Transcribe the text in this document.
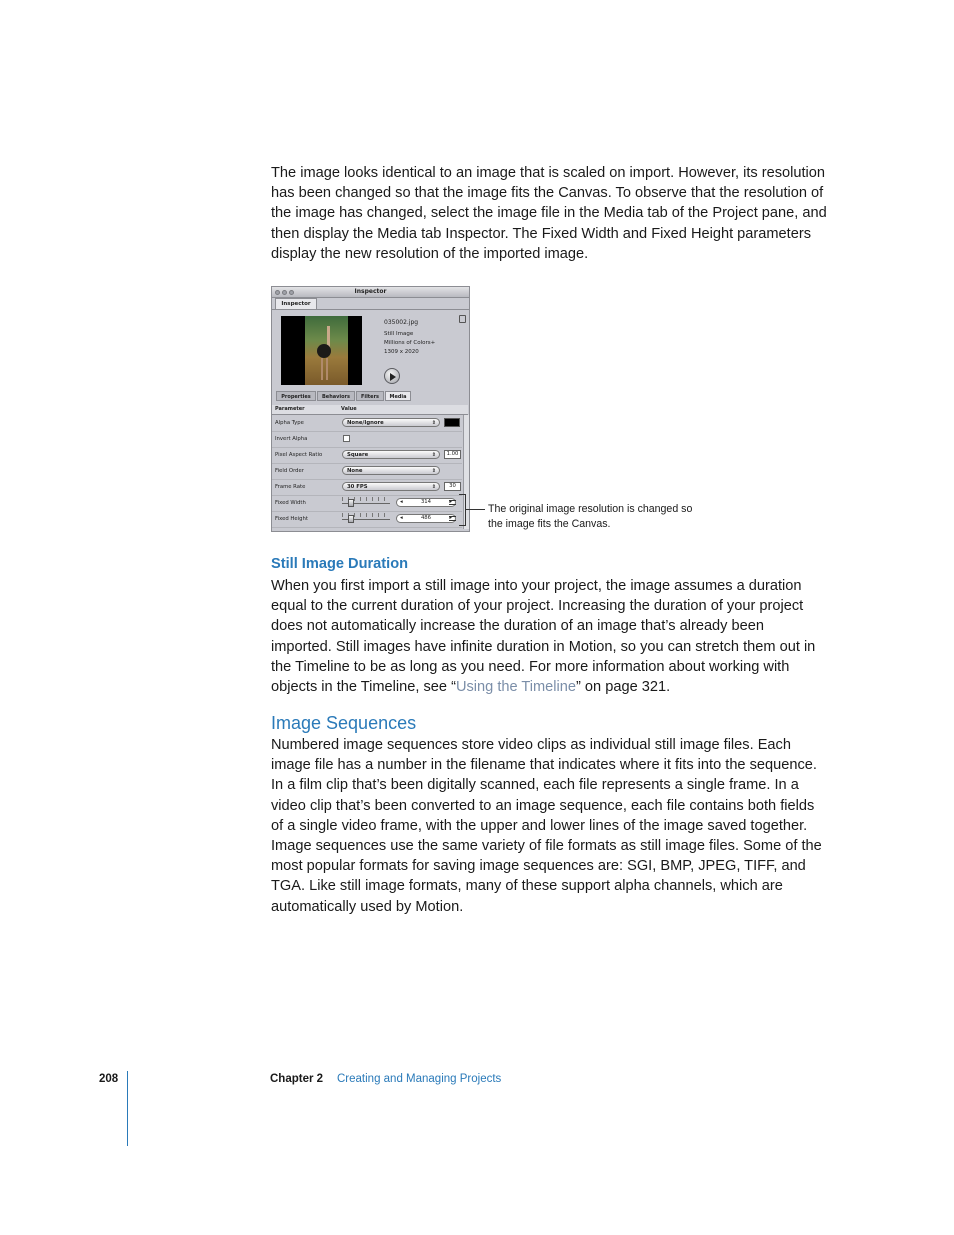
The image looks identical to an image that is scaled on import. However, its resolution has been changed so that the image fits the Canvas. To observe that the resolution of the image has changed, select the image file in the Media tab of the Project pane, and then display the Media tab Inspector. The Fixed Width and Fixed Height parameters display the new resolution of the imported image.

Inspector
Inspector
035002.jpg
Still Image
Millions of Colors+
1309 x 2020
Properties	Behaviors	Filters	Media
Parameter	Value
Alpha Type	None/Ignore	⇕
Invert Alpha
Pixel Aspect Ratio	Square	⇕	1.00
Field Order	None	⇕
Frame Rate	30 FPS	⇕	30
Fixed Width	◂	314	▸
Fixed Height	◂	486	▸

The original image resolution is changed so the image fits the Canvas.

Still Image Duration

When you first import a still image into your project, the image assumes a duration equal to the current duration of your project. Increasing the duration of your project does not automatically increase the duration of an image that’s already been imported. Still images have infinite duration in Motion, so you can stretch them out in the Timeline to be as long as you need. For more information about working with objects in the Timeline, see “Using the Timeline” on page 321.

Image Sequences

Numbered image sequences store video clips as individual still image files. Each image file has a number in the filename that indicates where it fits into the sequence. In a film clip that’s been digitally scanned, each file represents a single frame. In a video clip that’s been converted to an image sequence, each file contains both fields of a single video frame, with the upper and lower lines of the image saved together. Image sequences use the same variety of file formats as still image files. Some of the most popular formats for saving image sequences are: SGI, BMP, JPEG, TIFF, and TGA. Like still image formats, many of these support alpha channels, which are automatically used by Motion.

208	Chapter 2 Creating and Managing Projects
